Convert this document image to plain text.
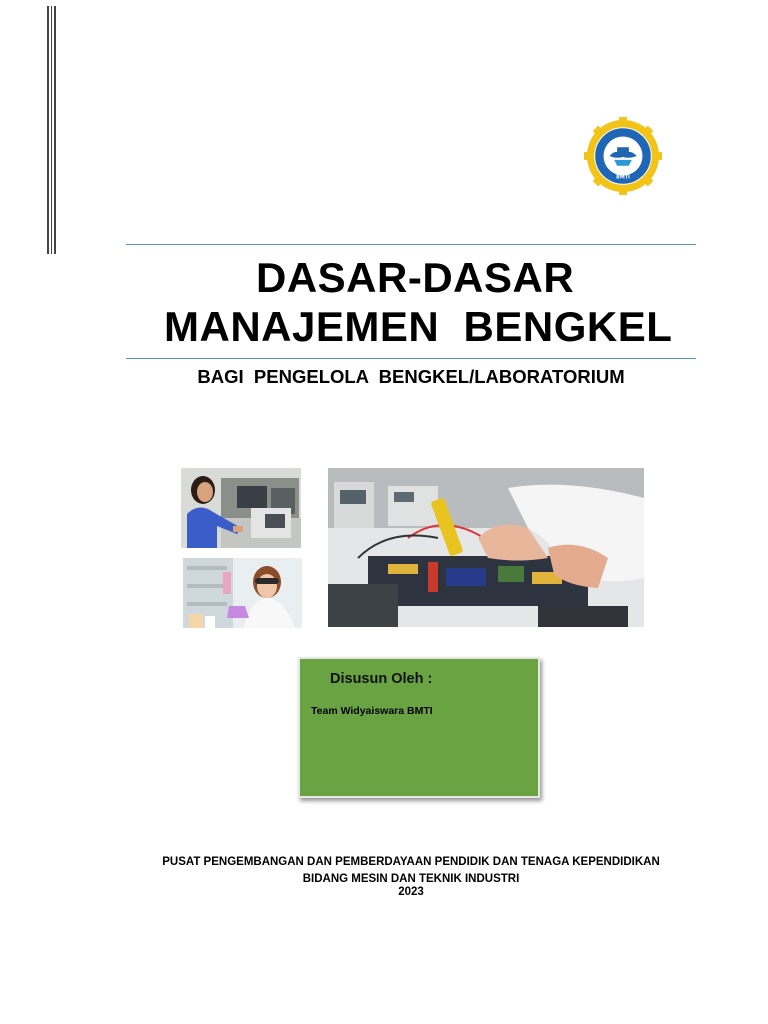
BMTI
DASAR-DASAR
MANAJEMEN  BENGKEL
BAGI  PENGELOLA  BENGKEL/LABORATORIUM
Disusun Oleh :
Team Widyaiswara BMTI
PUSAT PENGEMBANGAN DAN PEMBERDAYAAN PENDIDIK DAN TENAGA KEPENDIDIKAN
BIDANG MESIN DAN TEKNIK INDUSTRI
2023
